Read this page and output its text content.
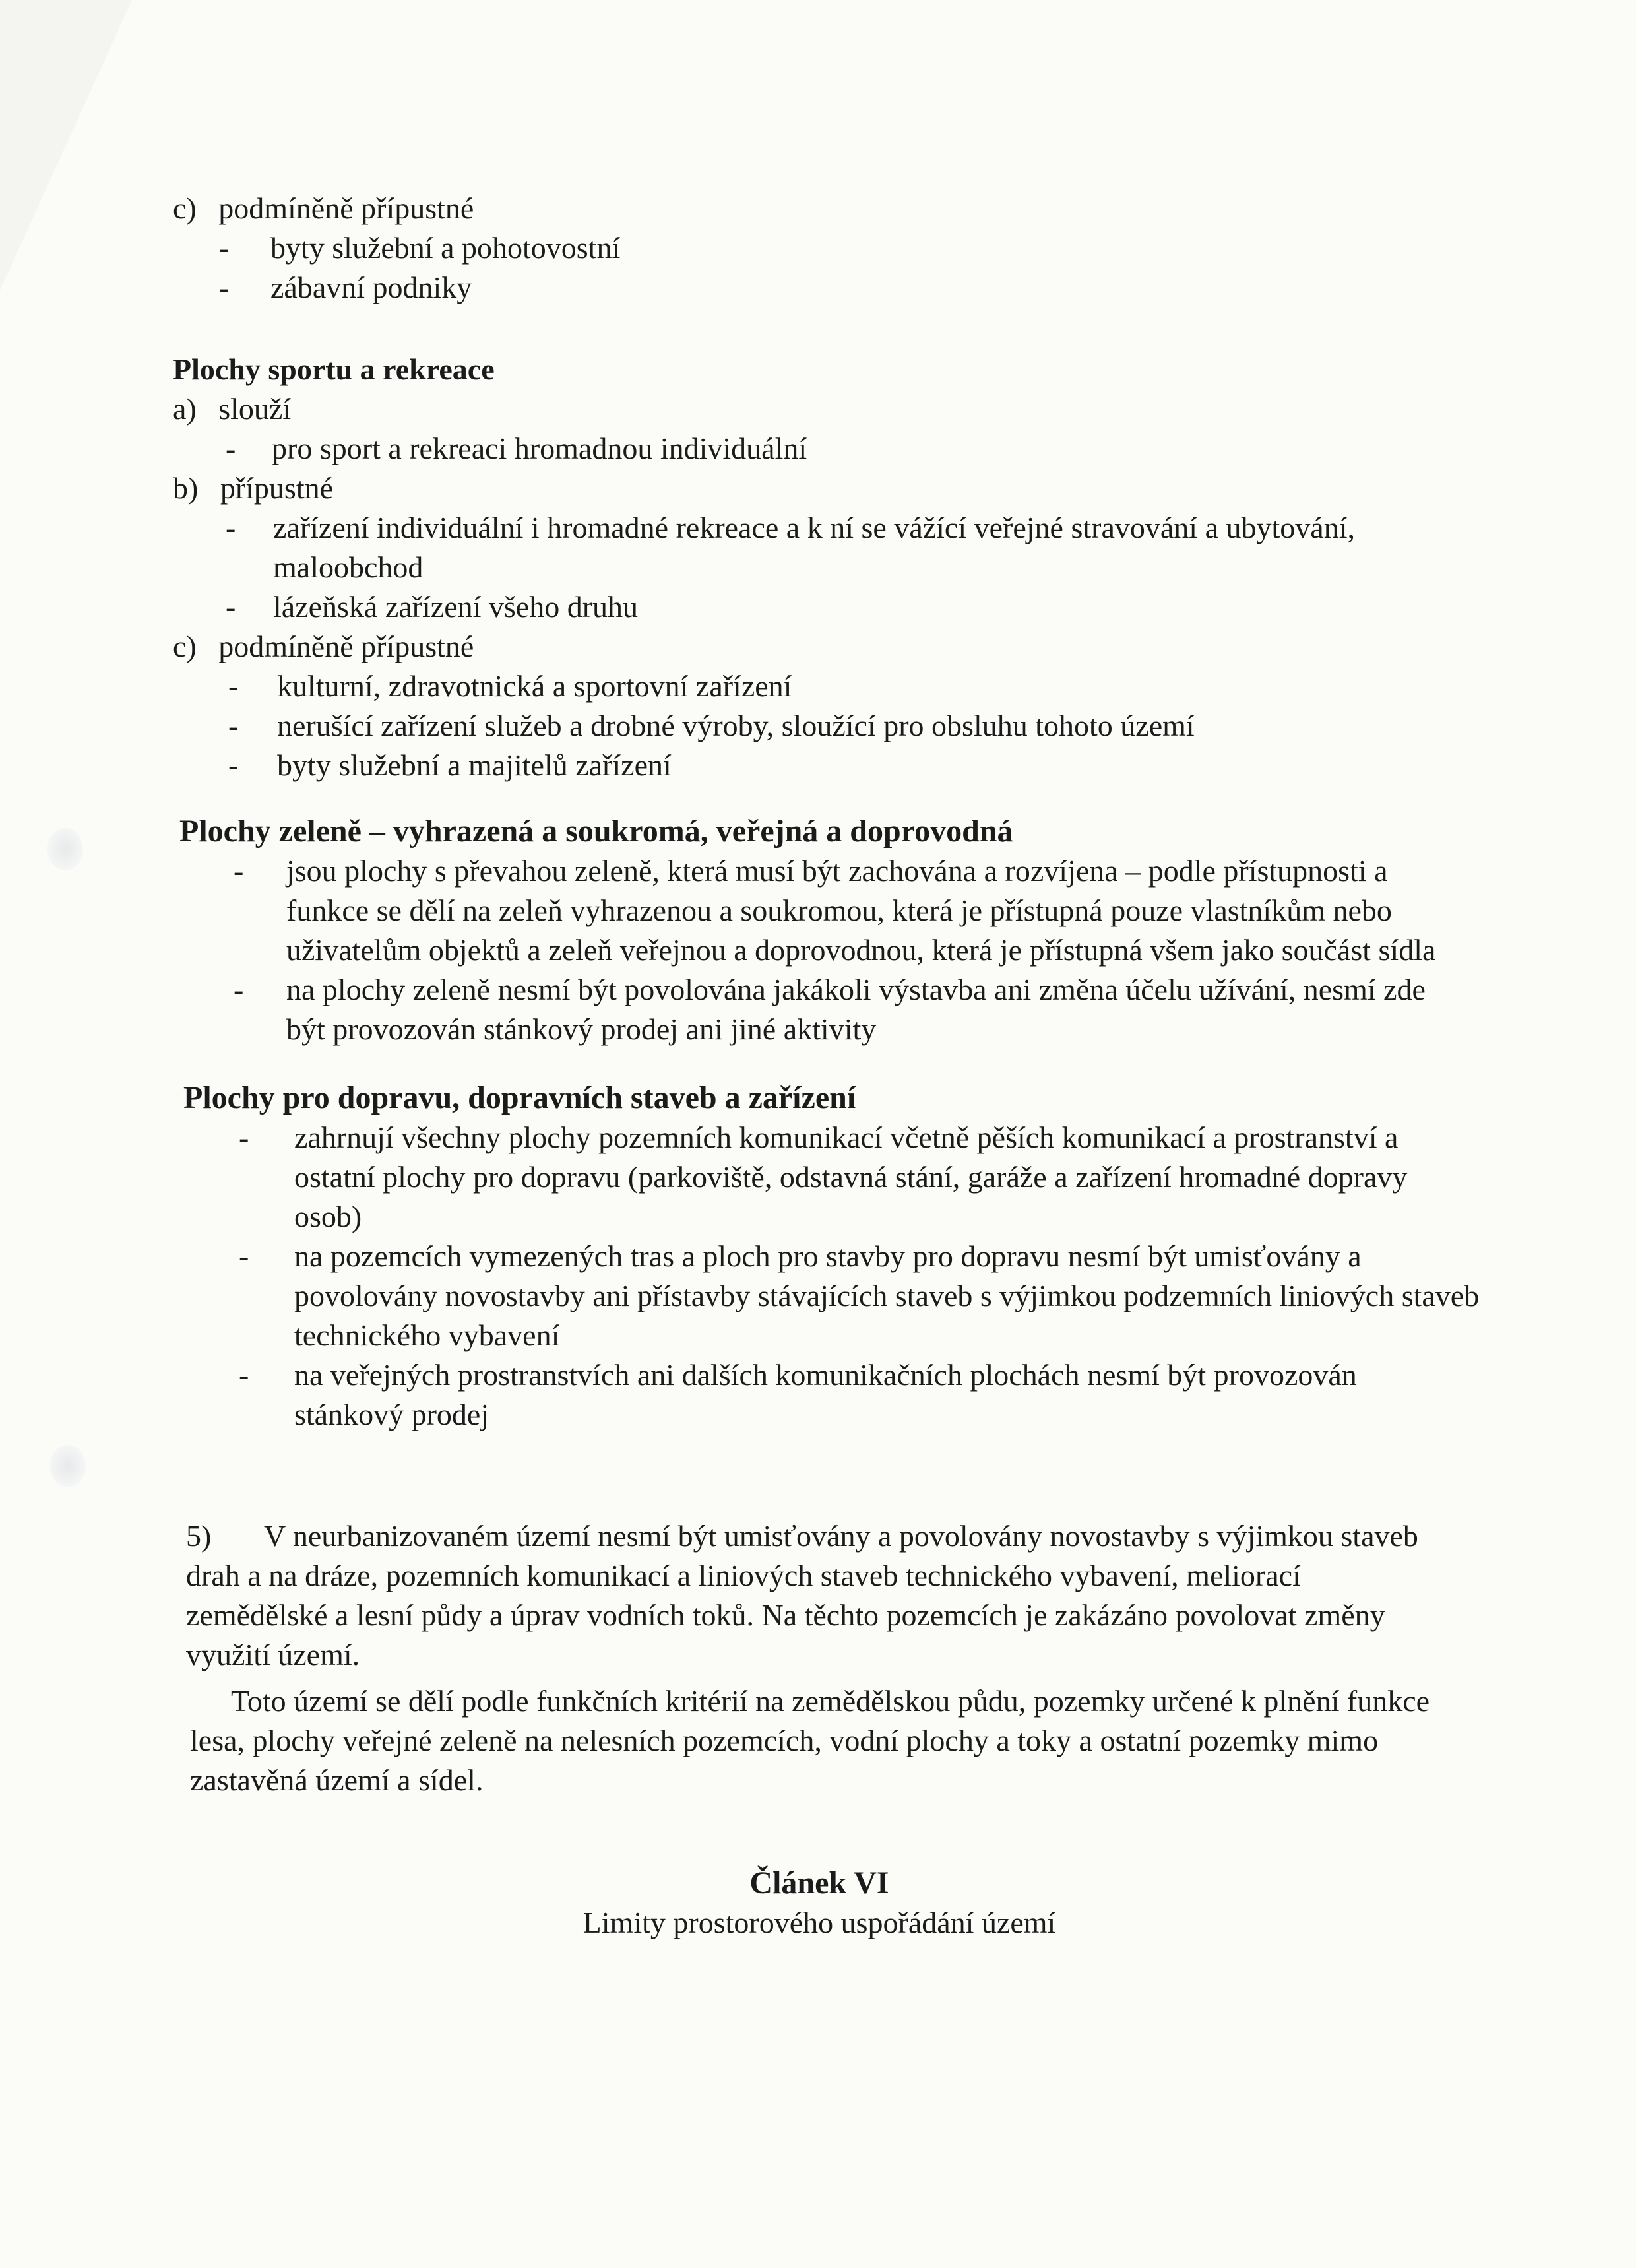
c) podmíněně přípustné
- byty služební a pohotovostní
- zábavní podniky
Plochy sportu a rekreace
a) slouží
- pro sport a rekreaci hromadnou individuální
b) přípustné
- zařízení individuální i hromadné rekreace a k ní se vážící veřejné stravování a ubytování, maloobchod
- lázeňská zařízení všeho druhu
c) podmíněně přípustné
- kulturní, zdravotnická a sportovní zařízení
- nerušící zařízení služeb a drobné výroby, sloužící pro obsluhu tohoto území
- byty služební a majitelů zařízení
Plochy zeleně – vyhrazená a soukromá, veřejná a doprovodná
- jsou plochy s převahou zeleně, která musí být zachována a rozvíjena – podle přístupnosti a funkce se dělí na zeleň vyhrazenou a soukromou, která je přístupná pouze vlastníkům nebo uživatelům objektů a zeleň veřejnou a doprovodnou, která je přístupná všem jako součást sídla
- na plochy zeleně nesmí být povolována jakákoli výstavba ani změna účelu užívání, nesmí zde být provozován stánkový prodej ani jiné aktivity
Plochy pro dopravu, dopravních staveb a zařízení
- zahrnují všechny plochy pozemních komunikací včetně pěších komunikací a prostranství a ostatní plochy pro dopravu (parkoviště, odstavná stání, garáže a zařízení hromadné dopravy osob)
- na pozemcích vymezených tras a ploch pro stavby pro dopravu nesmí být umisťovány a povolovány novostavby ani přístavby stávajících staveb s výjimkou podzemních liniových staveb technického vybavení
- na veřejných prostranstvích ani dalších komunikačních plochách nesmí být provozován stánkový prodej
5) V neurbanizovaném území nesmí být umisťovány a povolovány novostavby s výjimkou staveb drah a na dráze, pozemních komunikací a liniových staveb technického vybavení, meliorací zemědělské a lesní půdy a úprav vodních toků. Na těchto pozemcích je zakázáno povolovat změny využití území.
Toto území se dělí podle funkčních kritérií na zemědělskou půdu, pozemky určené k plnění funkce lesa, plochy veřejné zeleně na nelesních pozemcích, vodní plochy a toky a ostatní pozemky mimo zastavěná území a sídel.
Článek VI
Limity prostorového uspořádání území
